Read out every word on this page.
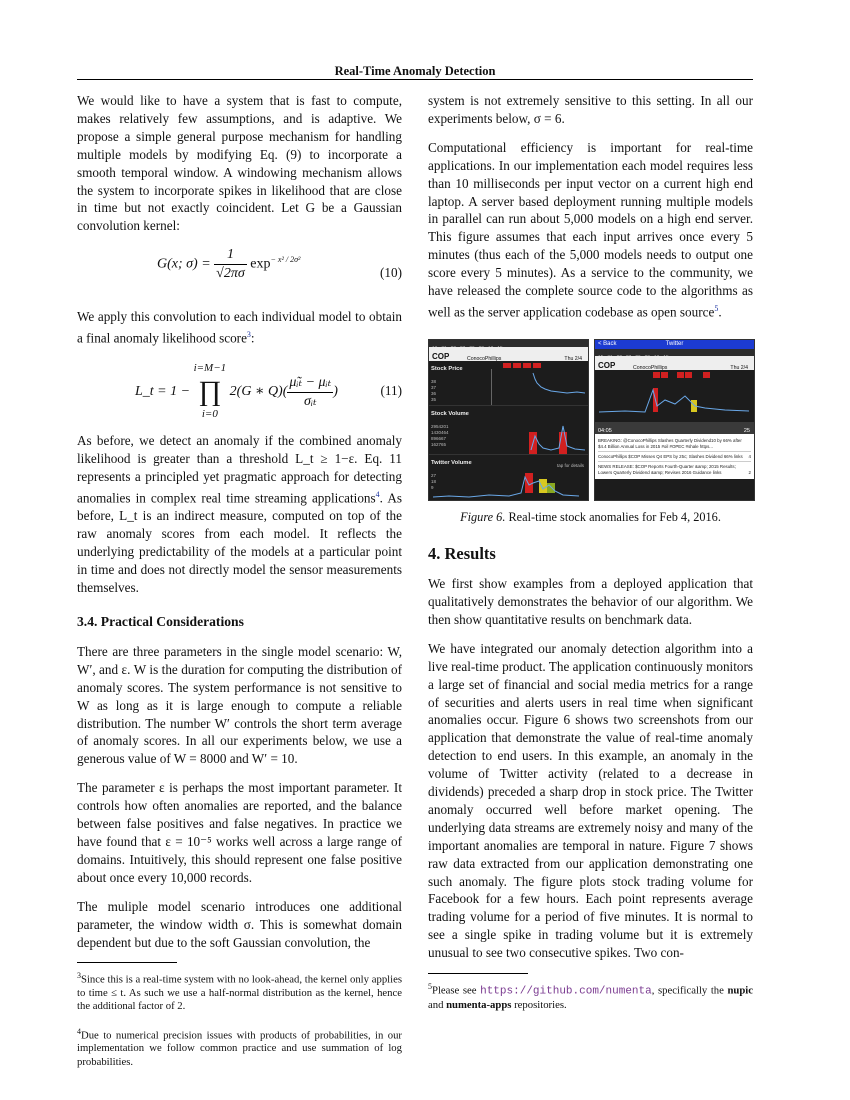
Real-Time Anomaly Detection

We would like to have a system that is fast to compute, makes relatively few assumptions, and is adaptive. We propose a simple general purpose mechanism for handling multiple models by modifying Eq. (9) to incorporate a smooth temporal window. A windowing mechanism allows the system to incorporate spikes in likelihood that are close in time but not exactly coincident. Let G be a Gaussian convolution kernel:

G(x; $\sigma) = \frac{1}{√2\pi\sigma} \exp^{- x^2 / 2\sigma^2}$
(10)

We apply this convolution to each individual model to obtain a final anomaly likelihood score$^3$:

L_t = 1 − i=M−1
∏
i=0 2(G ∗ $Q)( \frac{\text{μ̃ᵢₜ − μᵢₜ}}{\text{σᵢₜ}}$ )	(11)

As before, we detect an anomaly if the combined anomaly likelihood is greater than a threshold L_t ≥ 1−ε. Eq. 11 represents a principled yet pragmatic approach for detecting anomalies in complex real time streaming applications$^4$. As before, L_t is an indirect measure, computed on top of the raw anomaly scores from each model. It reflects the underlying predictability of the models at a particular point in time and does not directly model the sensor measurements themselves.

3.4. Practical Considerations

There are three parameters in the single model scenario: W, W′, and ε. W is the duration for computing the distribution of anomaly scores. The system performance is not sensitive to W as long as it is large enough to compute a reliable distribution. The number W′ controls the short term average of anomaly scores. In all our experiments below, we use a generous value of W = 8000 and W′ = 10.

The parameter ε is perhaps the most important parameter. It controls how often anomalies are reported, and the balance between false positives and false negatives. In practice we have found that ε = 10⁻⁵ works well across a large range of domains. Intuitively, this should represent one false positive about once every 10,000 records.

The muliple model scenario introduces one additional parameter, the window width σ. This is somewhat domain dependent but due to the soft Gaussian convolution, the

$^3$Since this is a real-time system with no look-ahead, the kernel only applies to time ≤ t. As such we use a half-normal distribution as the kernel, hence the additional factor of 2.

$^4$Due to numerical precision issues with products of probabilities, in our implementation we follow common practice and use summation of log probabilities.

system is not extremely sensitive to this setting. In all our experiments below, σ = 6.

Computational efficiency is important for real-time applications. In our implementation each model requires less than 10 milliseconds per input vector on a current high end laptop. A server based deployment running multiple models in parallel can run about 5,000 models on a high end server. This figure assumes that each input arrives once every 5 minutes (thus each of the 5,000 models needs to output one score every 5 minutes). As a service to the community, we have released the complete source code to the algorithms as well as the server application codebase as open source$^5$.

COP	ConocoPhillips	Thu 2/4
Stock Price
38
37
36
35
Stock Volume
2954201
1430464
896667
162765
Twitter Volume	tap for details
27
18
9
< Back	Twitter
COP	ConocoPhillips	Thu 2/4
04:05	25
BREAKING: @ConocoPhillips Slashes Quarterly Dividend10 by 66% after $4.4 Billion Annual Loss in 2015 #oil #OPEC #shale https...
ConocoPhillips $COP Misses Q4 EPS by 25c; Slashes Dividend 66% links 4
NEWS RELEASE: $COP Reports Fourth-Quarter &amp; 2015 Results; Lowers Quarterly Dividend &amp; Revises 2016 Guidance links	2
Figure 6. Real-time stock anomalies for Feb 4, 2016.
4. Results

We first show examples from a deployed application that qualitatively demonstrates the behavior of our algorithm. We then show quantitative results on benchmark data.

We have integrated our anomaly detection algorithm into a live real-time product. The application continuously monitors a large set of financial and social media metrics for a range of securities and alerts users in real time when significant anomalies occur. Figure 6 shows two screenshots from our application that demonstrate the value of real-time anomaly detection to end users. In this example, an anomaly in the volume of Twitter activity (related to a decrease in dividends) preceded a sharp drop in stock price. The Twitter anomaly occurred well before market opening. The underlying data streams are extremely noisy and many of the important anomalies are temporal in nature. Figure 7 shows raw data extracted from our application demonstrating one such anomaly. The figure plots stock trading volume for Facebook for a few hours. Each point represents average trading volume for a period of five minutes. It is normal to see a single spike in trading volume but it is extremely unusual to see two consecutive spikes. Two con-

$^5$Please see https://github.com/numenta, specifically the nupic and numenta-apps repositories.
